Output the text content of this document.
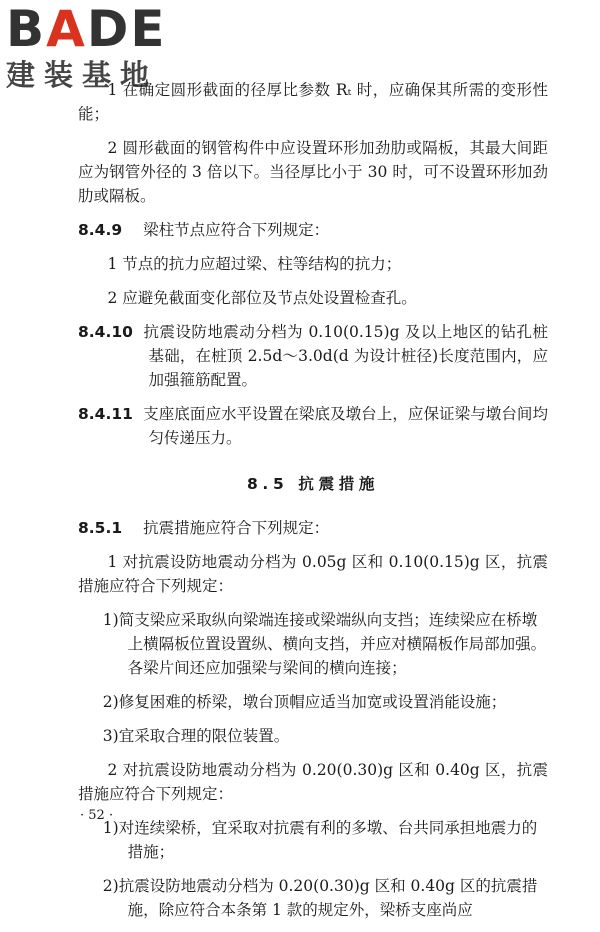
BADE
建装基地
1 在确定圆形截面的径厚比参数 Rₜ 时，应确保其所需的变形性能；
2 圆形截面的钢管构件中应设置环形加劲肋或隔板，其最大间距应为钢管外径的 3 倍以下。当径厚比小于 30 时，可不设置环形加劲肋或隔板。
8.4.9 梁柱节点应符合下列规定：
1 节点的抗力应超过梁、柱等结构的抗力；
2 应避免截面变化部位及节点处设置检查孔。
8.4.10 抗震设防地震动分档为 0.10(0.15)g 及以上地区的钻孔桩基础，在桩顶 2.5d～3.0d(d 为设计桩径)长度范围内，应加强箍筋配置。
8.4.11 支座底面应水平设置在梁底及墩台上，应保证梁与墩台间均匀传递压力。
8.5 抗震措施
8.5.1 抗震措施应符合下列规定：
1 对抗震设防地震动分档为 0.05g 区和 0.10(0.15)g 区，抗震措施应符合下列规定：
1)简支梁应采取纵向梁端连接或梁端纵向支挡；连续梁应在桥墩上横隔板位置设置纵、横向支挡，并应对横隔板作局部加强。各梁片间还应加强梁与梁间的横向连接；
2)修复困难的桥梁，墩台顶帽应适当加宽或设置消能设施；
3)宜采取合理的限位装置。
2 对抗震设防地震动分档为 0.20(0.30)g 区和 0.40g 区，抗震措施应符合下列规定：
1)对连续梁桥，宜采取对抗震有利的多墩、台共同承担地震力的措施；
2)抗震设防地震动分档为 0.20(0.30)g 区和 0.40g 区的抗震措施，除应符合本条第 1 款的规定外，梁桥支座尚应
· 52 ·
